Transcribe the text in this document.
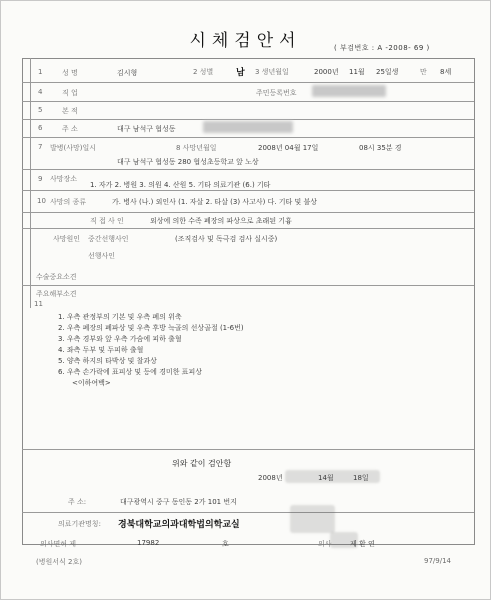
시체검안서	( 부검번호 : A -2008- 69 )
1	성 명	김시형	2 성별	남 3 생년월일	2000년 11월 25일생	만 8세
4	직 업	주민등록번호
5	본 적
6	주 소	대구 남석구 협성동
7 발병(사망)일시	8 사망년월일	2008년 04월 17일	08시 35분 경
대구 남석구 협성동 280 협성초등학교 앞 노상
9 사망장소
1. 자가 2. 병원 3. 의원 4. 산원 5. 기타 의료기관 (6.) 기타
10 사망의 종류	가. 병사 (나.) 외인사 (1. 자살 2. 타살 (3) 사고사) 다. 기타 및 불상
직 접 사 인	외상에 의한 수족 폐장의 파상으로 초래된 기흉
사망원인 중간선행사인	(조직검사 및 독극검 검사 실시중)
선행사인
수술중요소견
주요해부소견
11
1. 우측 관정부의 기본 및 우측 폐의 위축
2. 우측 폐장의 폐파상 및 우측 후방 늑골의 선상골절 (1-6번)
3. 우측 경부와 앞 우측 가슴에 피하 출혈
4. 좌측 두부 및 두피하 출혈
5. 양측 하지의 타박상 및 찰과상
6. 우측 손가락에 표피상 및 등에 경미한 표피상
<이하여백>
위와 같이 검안함
2008년	14월	18일
주 소:	대구광역시 중구 동인동 2가 101 번지
의료기관명칭: 경북대학교의과대학법의학교실
의사면허 제	17982	호	의사	제 환 연
(병원서식 2호)	97/9/14
